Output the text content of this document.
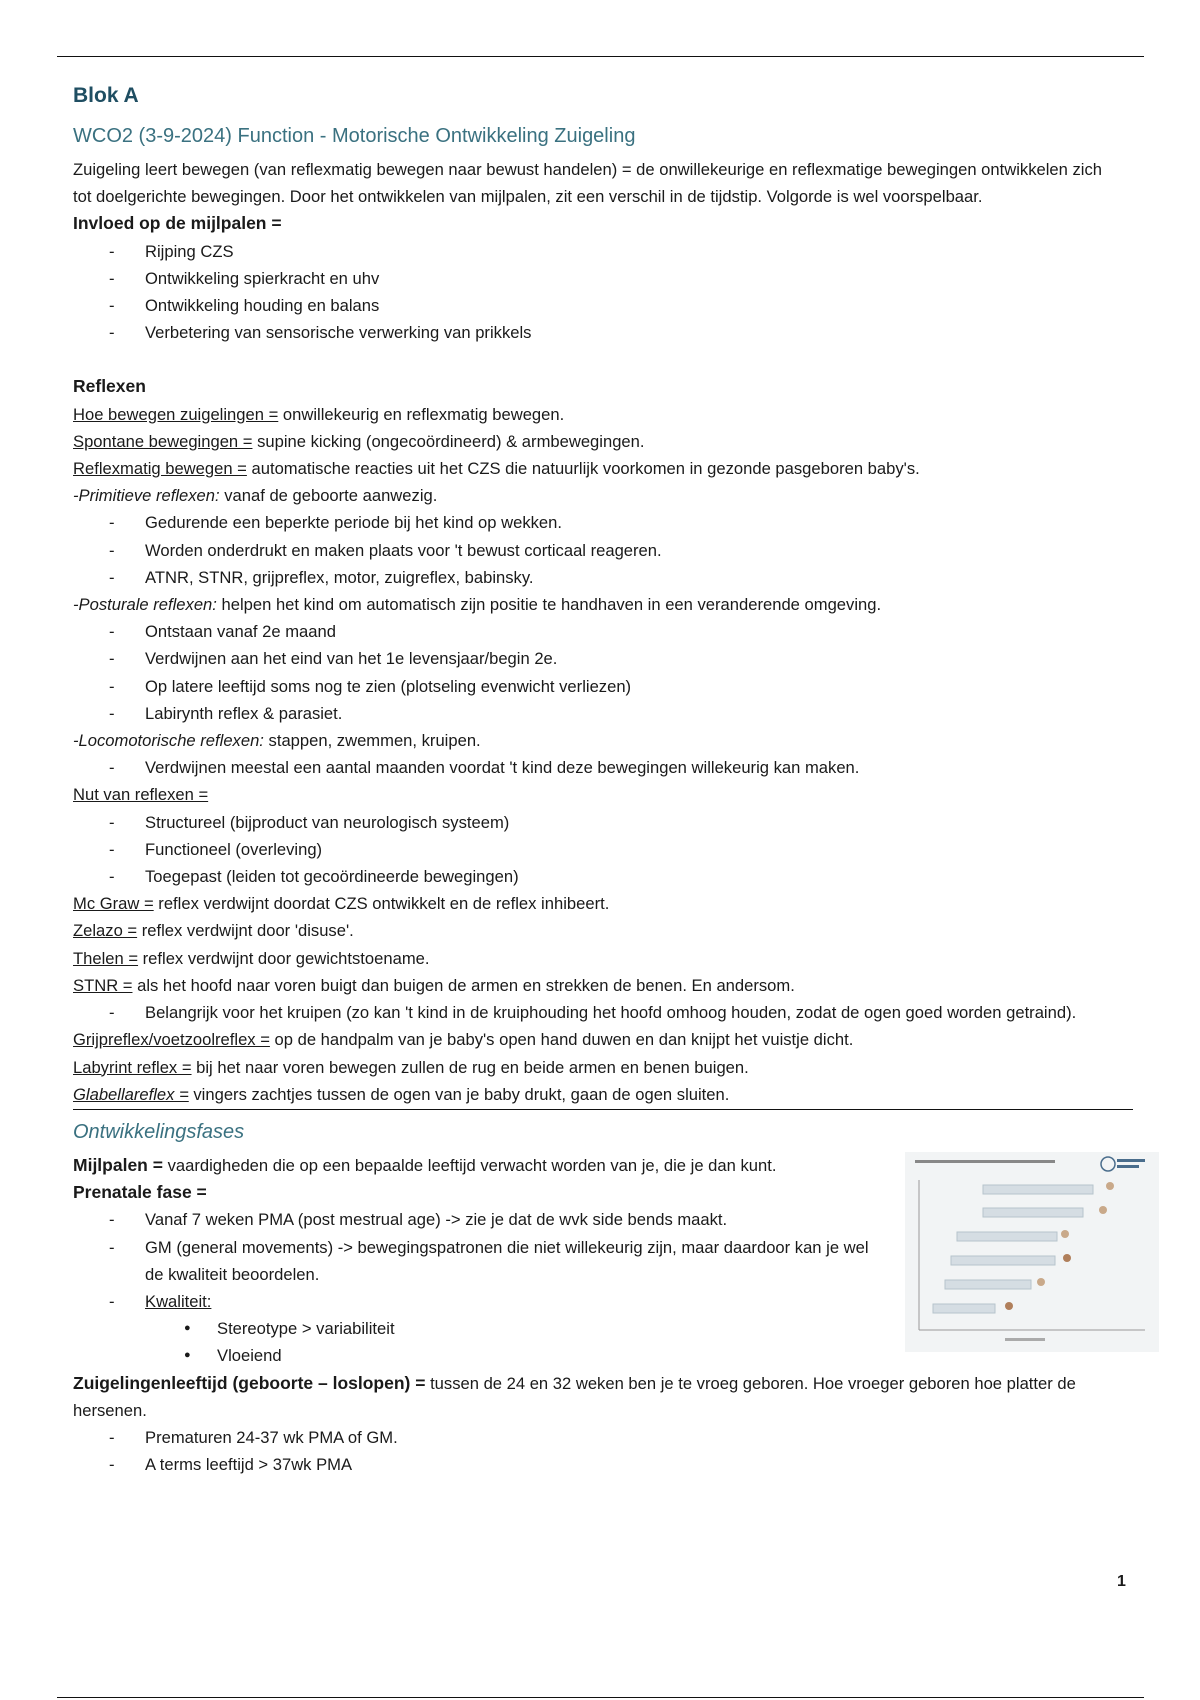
Blok A
WCO2 (3-9-2024) Function - Motorische Ontwikkeling Zuigeling

Zuigeling leert bewegen (van reflexmatig bewegen naar bewust handelen) = de onwillekeurige en reflexmatige bewegingen ontwikkelen zich tot doelgerichte bewegingen. Door het ontwikkelen van mijlpalen, zit een verschil in de tijdstip. Volgorde is wel voorspelbaar.

Invloed op de mijlpalen =

- Rijping CZS
- Ontwikkeling spierkracht en uhv
- Ontwikkeling houding en balans
- Verbetering van sensorische verwerking van prikkels

Reflexen

Hoe bewegen zuigelingen = onwillekeurig en reflexmatig bewegen.

Spontane bewegingen = supine kicking (ongecoördineerd) & armbewegingen.

Reflexmatig bewegen = automatische reacties uit het CZS die natuurlijk voorkomen in gezonde pasgeboren baby's.

-Primitieve reflexen: vanaf de geboorte aanwezig.

- Gedurende een beperkte periode bij het kind op wekken.
- Worden onderdrukt en maken plaats voor 't bewust corticaal reageren.
- ATNR, STNR, grijpreflex, motor, zuigreflex, babinsky.

-Posturale reflexen: helpen het kind om automatisch zijn positie te handhaven in een veranderende omgeving.

- Ontstaan vanaf 2e maand
- Verdwijnen aan het eind van het 1e levensjaar/begin 2e.
- Op latere leeftijd soms nog te zien (plotseling evenwicht verliezen)
- Labirynth reflex & parasiet.

-Locomotorische reflexen: stappen, zwemmen, kruipen.

- Verdwijnen meestal een aantal maanden voordat 't kind deze bewegingen willekeurig kan maken.

Nut van reflexen =

- Structureel (bijproduct van neurologisch systeem)
- Functioneel (overleving)
- Toegepast (leiden tot gecoördineerde bewegingen)

Mc Graw = reflex verdwijnt doordat CZS ontwikkelt en de reflex inhibeert.

Zelazo = reflex verdwijnt door 'disuse'.

Thelen = reflex verdwijnt door gewichtstoename.

STNR = als het hoofd naar voren buigt dan buigen de armen en strekken de benen. En andersom.

- Belangrijk voor het kruipen (zo kan 't kind in de kruiphouding het hoofd omhoog houden, zodat de ogen goed worden getraind).

Grijpreflex/voetzoolreflex = op de handpalm van je baby's open hand duwen en dan knijpt het vuistje dicht.

Labyrint reflex = bij het naar voren bewegen zullen de rug en beide armen en benen buigen.

Glabellareflex = vingers zachtjes tussen de ogen van je baby drukt, gaan de ogen sluiten.

Ontwikkelingsfases

Mijlpalen = vaardigheden die op een bepaalde leeftijd verwacht worden van je, die je dan kunt.

Prenatale fase =

- Vanaf 7 weken PMA (post mestrual age) -> zie je dat de wvk side bends maakt.
- GM (general movements) -> bewegingspatronen die niet willekeurig zijn, maar daardoor kan je wel de kwaliteit beoordelen.
- Kwaliteit:
● Stereotype > variabiliteit
● Vloeiend

Zuigelingenleeftijd (geboorte – loslopen) = tussen de 24 en 32 weken ben je te vroeg geboren. Hoe vroeger geboren hoe platter de hersenen.

- Prematuren 24-37 wk PMA of GM.
- A terms leeftijd > 37wk PMA
1
